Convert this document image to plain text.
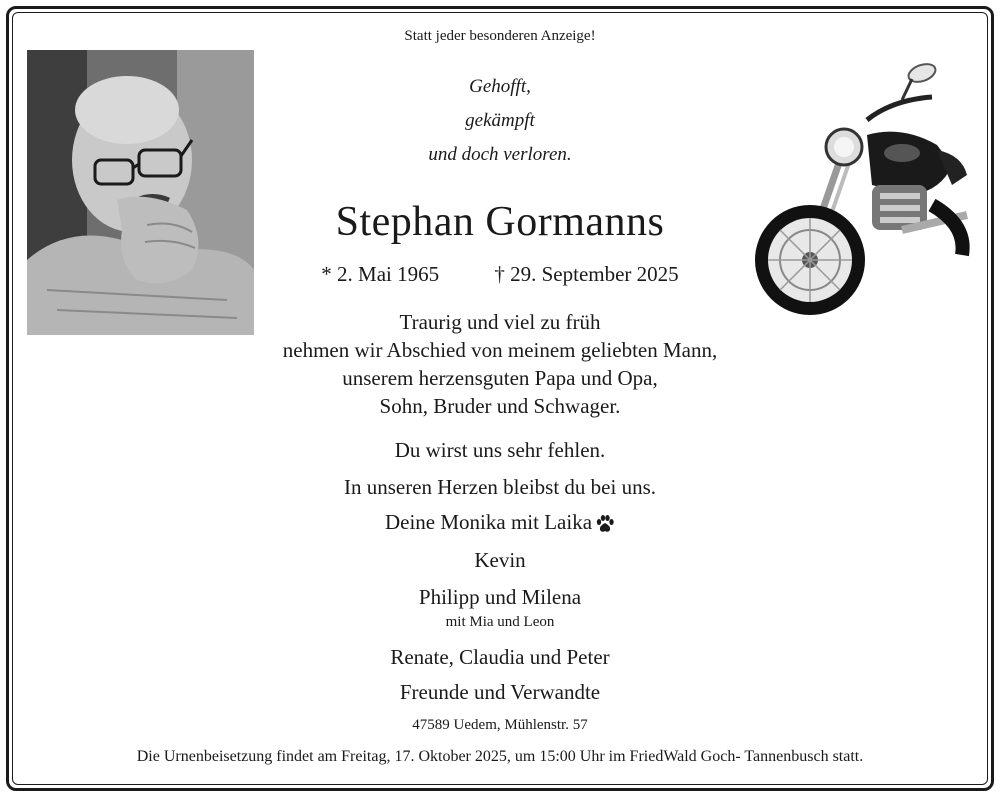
Statt jeder besonderen Anzeige!
Gehofft,
gekämpft
und doch verloren.
Stephan Gormanns
* 2. Mai 1965	† 29. September 2025
Traurig und viel zu früh
nehmen wir Abschied von meinem geliebten Mann,
unserem herzensguten Papa und Opa,
Sohn, Bruder und Schwager.
Du wirst uns sehr fehlen.
In unseren Herzen bleibst du bei uns.
Deine Monika mit Laika
Kevin
Philipp und Milena
mit Mia und Leon
Renate, Claudia und Peter
Freunde und Verwandte
47589 Uedem, Mühlenstr. 57
Die Urnenbeisetzung findet am Freitag, 17. Oktober 2025, um 15:00 Uhr im FriedWald Goch- Tannenbusch statt.
